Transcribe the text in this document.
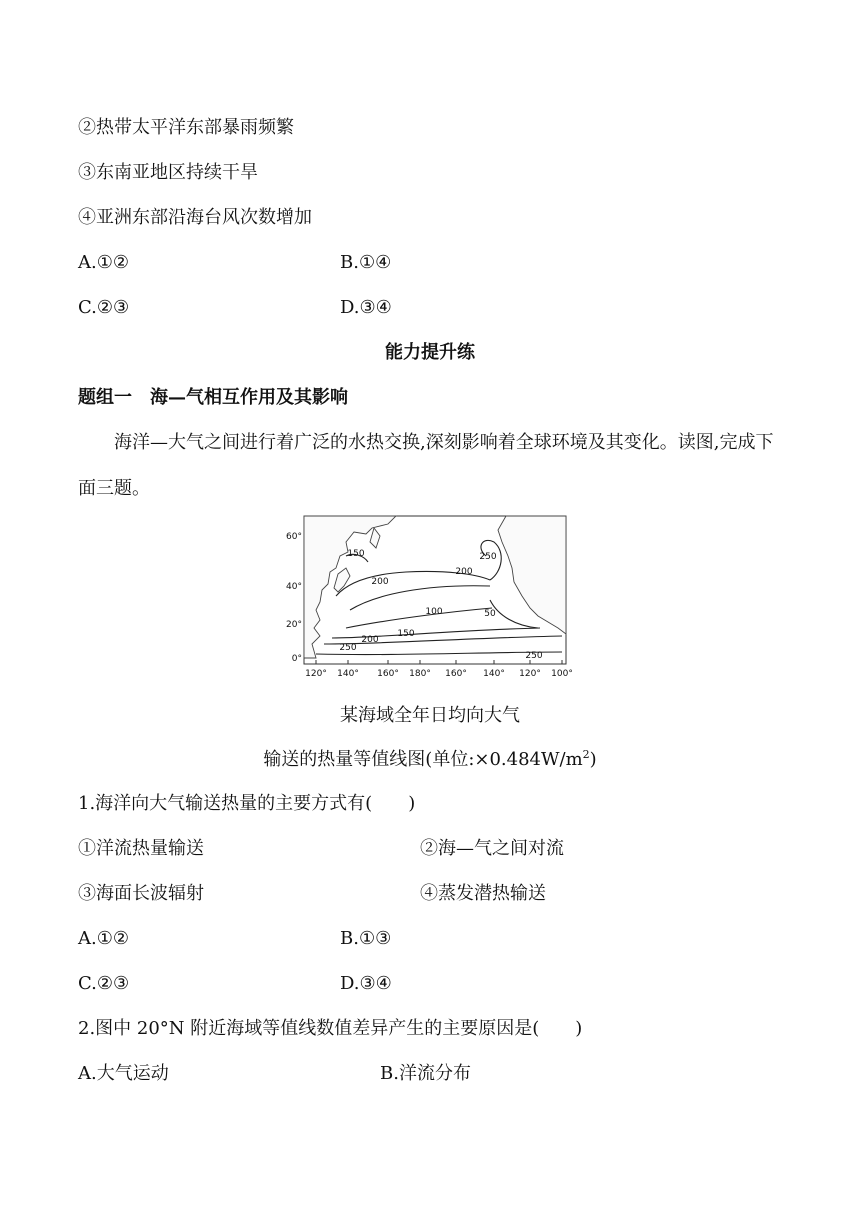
②热带太平洋东部暴雨频繁
③东南亚地区持续干旱
④亚洲东部沿海台风次数增加
A.①②	B.①④
C.②③	D.③④
能力提升练
题组一　海—气相互作用及其影响
海洋—大气之间进行着广泛的水热交换,深刻影响着全球环境及其变化。读图,完成下面三题。
150	250
200
200
100	50
150
200
250
250
60°
40°
20°
0°
120° 140° 160° 180° 160° 140° 120° 100°
某海域全年日均向大气
输送的热量等值线图(单位$:\times 0.484W/m^2$)
1.海洋向大气输送热量的主要方式有(　　)
①洋流热量输送	②海—气之间对流
③海面长波辐射	④蒸发潜热输送
A.①②	B.①③
C.②③	D.③④
2.图中 20°N 附近海域等值线数值差异产生的主要原因是(　　)
A.大气运动	B.洋流分布
